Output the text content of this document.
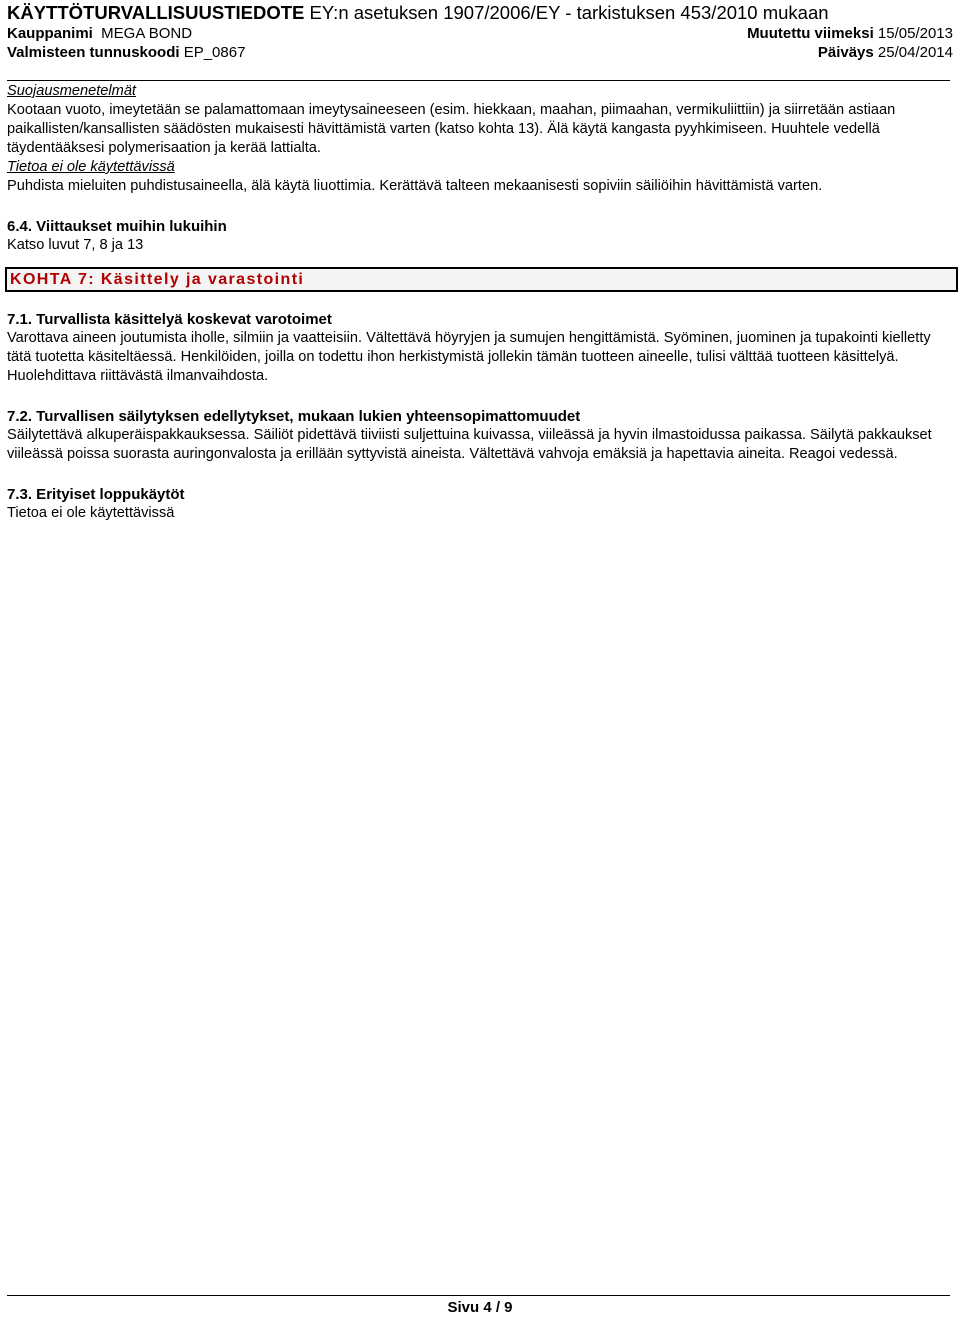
KÄYTTÖTURVALLISUUSTIEDOTE EY:n asetuksen 1907/2006/EY - tarkistuksen 453/2010 mukaan
Kauppanimi  MEGA BOND	Muutettu viimeksi 15/05/2013
Valmisteen tunnuskoodi EP_0867	Päiväys 25/04/2014

Suojausmenetelmät

Kootaan vuoto, imeytetään se palamattomaan imeytysaineeseen (esim. hiekkaan, maahan, piimaahan, vermikuliittiin) ja siirretään astiaan paikallisten/kansallisten säädösten mukaisesti hävittämistä varten (katso kohta 13). Älä käytä kangasta pyyhkimiseen. Huuhtele vedellä täydentääksesi polymerisaation ja kerää lattialta.

Tietoa ei ole käytettävissä

Puhdista mieluiten puhdistusaineella, älä käytä liuottimia. Kerättävä talteen mekaanisesti sopiviin säiliöihin hävittämistä varten.

6.4. Viittaukset muihin lukuihin

Katso luvut 7, 8 ja 13

KOHTA 7: Käsittely ja varastointi

7.1. Turvallista käsittelyä koskevat varotoimet

Varottava aineen joutumista iholle, silmiin ja vaatteisiin. Vältettävä höyryjen ja sumujen hengittämistä. Syöminen, juominen ja tupakointi kielletty tätä tuotetta käsiteltäessä. Henkilöiden, joilla on todettu ihon herkistymistä jollekin tämän tuotteen aineelle, tulisi välttää tuotteen käsittelyä. Huolehdittava riittävästä ilmanvaihdosta.

7.2. Turvallisen säilytyksen edellytykset, mukaan lukien yhteensopimattomuudet

Säilytettävä alkuperäispakkauksessa. Säiliöt pidettävä tiiviisti suljettuina kuivassa, viileässä ja hyvin ilmastoidussa paikassa. Säilytä pakkaukset viileässä poissa suorasta auringonvalosta ja erillään syttyvistä aineista. Vältettävä vahvoja emäksiä ja hapettavia aineita. Reagoi vedessä.

7.3. Erityiset loppukäytöt

Tietoa ei ole käytettävissä

Sivu 4 / 9
